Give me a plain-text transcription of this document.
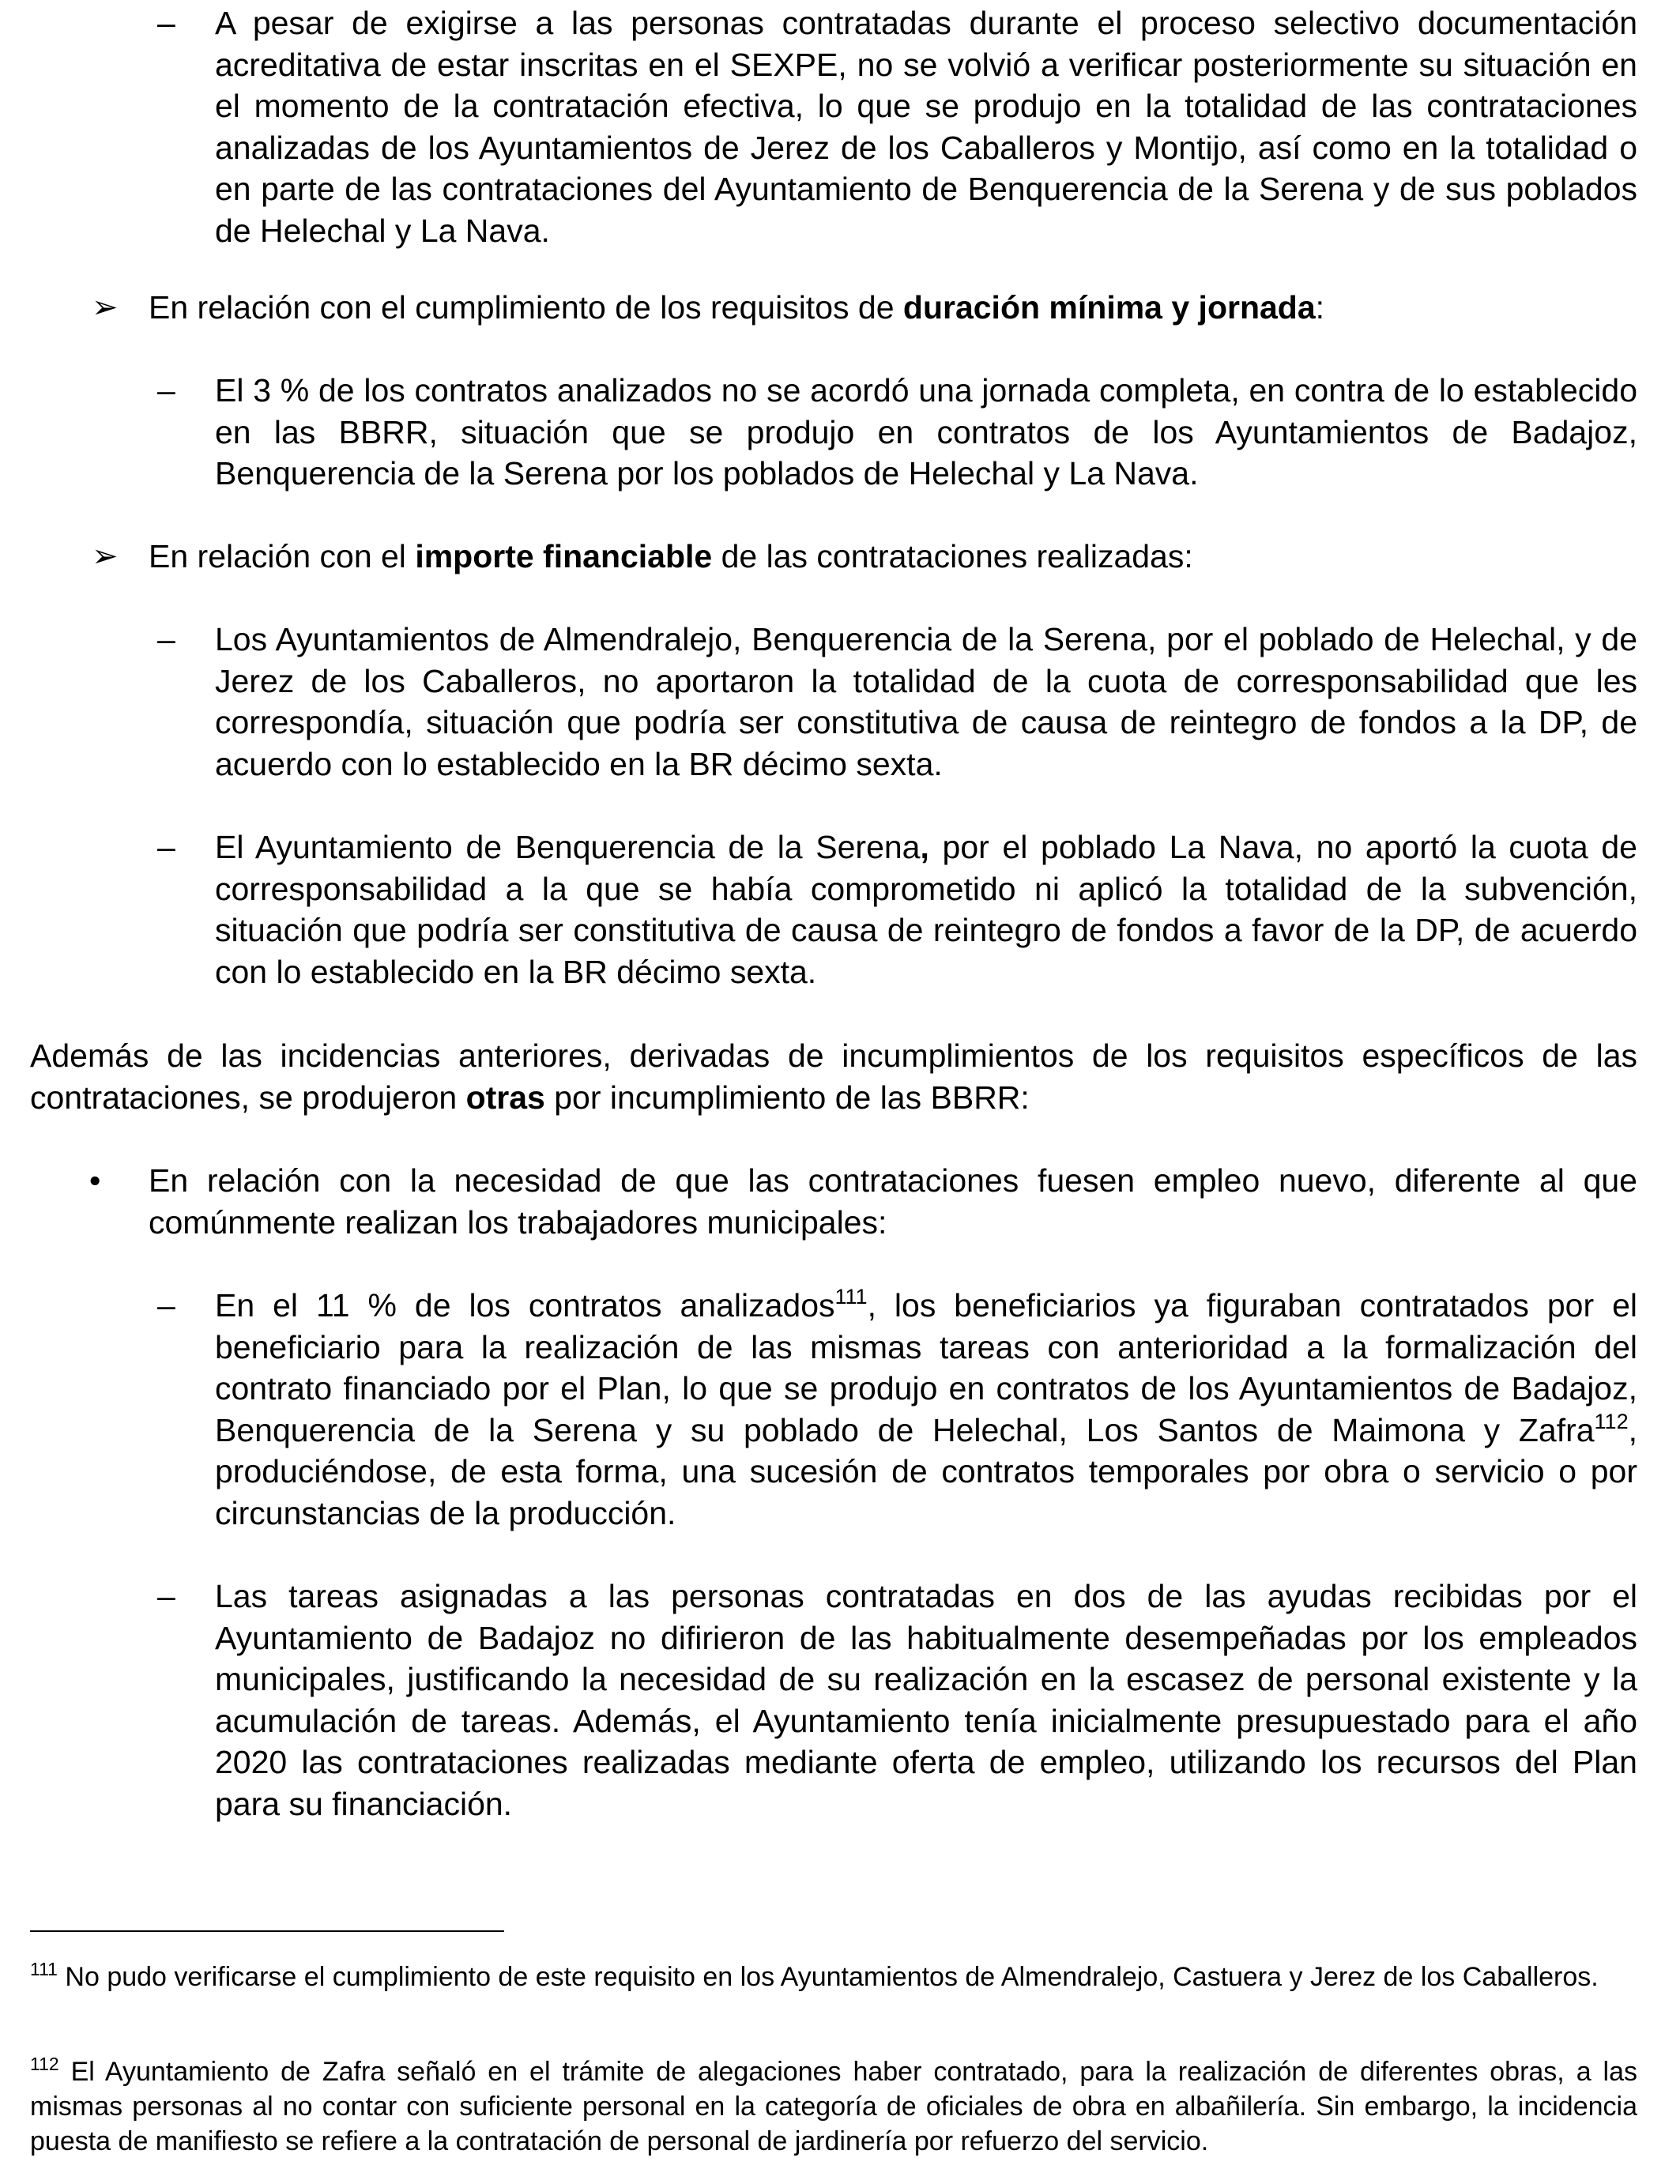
– A pesar de exigirse a las personas contratadas durante el proceso selectivo documentación acreditativa de estar inscritas en el SEXPE, no se volvió a verificar posteriormente su situación en el momento de la contratación efectiva, lo que se produjo en la totalidad de las contrataciones analizadas de los Ayuntamientos de Jerez de los Caballeros y Montijo, así como en la totalidad o en parte de las contrataciones del Ayuntamiento de Benquerencia de la Serena y de sus poblados de Helechal y La Nava.

➢ En relación con el cumplimiento de los requisitos de duración mínima y jornada:

– El 3 % de los contratos analizados no se acordó una jornada completa, en contra de lo establecido en las BBRR, situación que se produjo en contratos de los Ayuntamientos de Badajoz, Benquerencia de la Serena por los poblados de Helechal y La Nava.

➢ En relación con el importe financiable de las contrataciones realizadas:

– Los Ayuntamientos de Almendralejo, Benquerencia de la Serena, por el poblado de Helechal, y de Jerez de los Caballeros, no aportaron la totalidad de la cuota de corresponsabilidad que les correspondía, situación que podría ser constitutiva de causa de reintegro de fondos a la DP, de acuerdo con lo establecido en la BR décimo sexta.

– El Ayuntamiento de Benquerencia de la Serena, por el poblado La Nava, no aportó la cuota de corresponsabilidad a la que se había comprometido ni aplicó la totalidad de la subvención, situación que podría ser constitutiva de causa de reintegro de fondos a favor de la DP, de acuerdo con lo establecido en la BR décimo sexta.

Además de las incidencias anteriores, derivadas de incumplimientos de los requisitos específicos de las contrataciones, se produjeron otras por incumplimiento de las BBRR:

• En relación con la necesidad de que las contrataciones fuesen empleo nuevo, diferente al que comúnmente realizan los trabajadores municipales:

– En el 11 % de los contratos analizados$^{111}$, los beneficiarios ya figuraban contratados por el beneficiario para la realización de las mismas tareas con anterioridad a la formalización del contrato financiado por el Plan, lo que se produjo en contratos de los Ayuntamientos de Badajoz, Benquerencia de la Serena y su poblado de Helechal, Los Santos de Maimona y Zafra$^{112}$, produciéndose, de esta forma, una sucesión de contratos temporales por obra o servicio o por circunstancias de la producción.

– Las tareas asignadas a las personas contratadas en dos de las ayudas recibidas por el Ayuntamiento de Badajoz no difirieron de las habitualmente desempeñadas por los empleados municipales, justificando la necesidad de su realización en la escasez de personal existente y la acumulación de tareas. Además, el Ayuntamiento tenía inicialmente presupuestado para el año 2020 las contrataciones realizadas mediante oferta de empleo, utilizando los recursos del Plan para su financiación.

$^{111}$ No pudo verificarse el cumplimiento de este requisito en los Ayuntamientos de Almendralejo, Castuera y Jerez de los Caballeros.

$^{112}$ El Ayuntamiento de Zafra señaló en el trámite de alegaciones haber contratado, para la realización de diferentes obras, a las mismas personas al no contar con suficiente personal en la categoría de oficiales de obra en albañilería. Sin embargo, la incidencia puesta de manifiesto se refiere a la contratación de personal de jardinería por refuerzo del servicio.
